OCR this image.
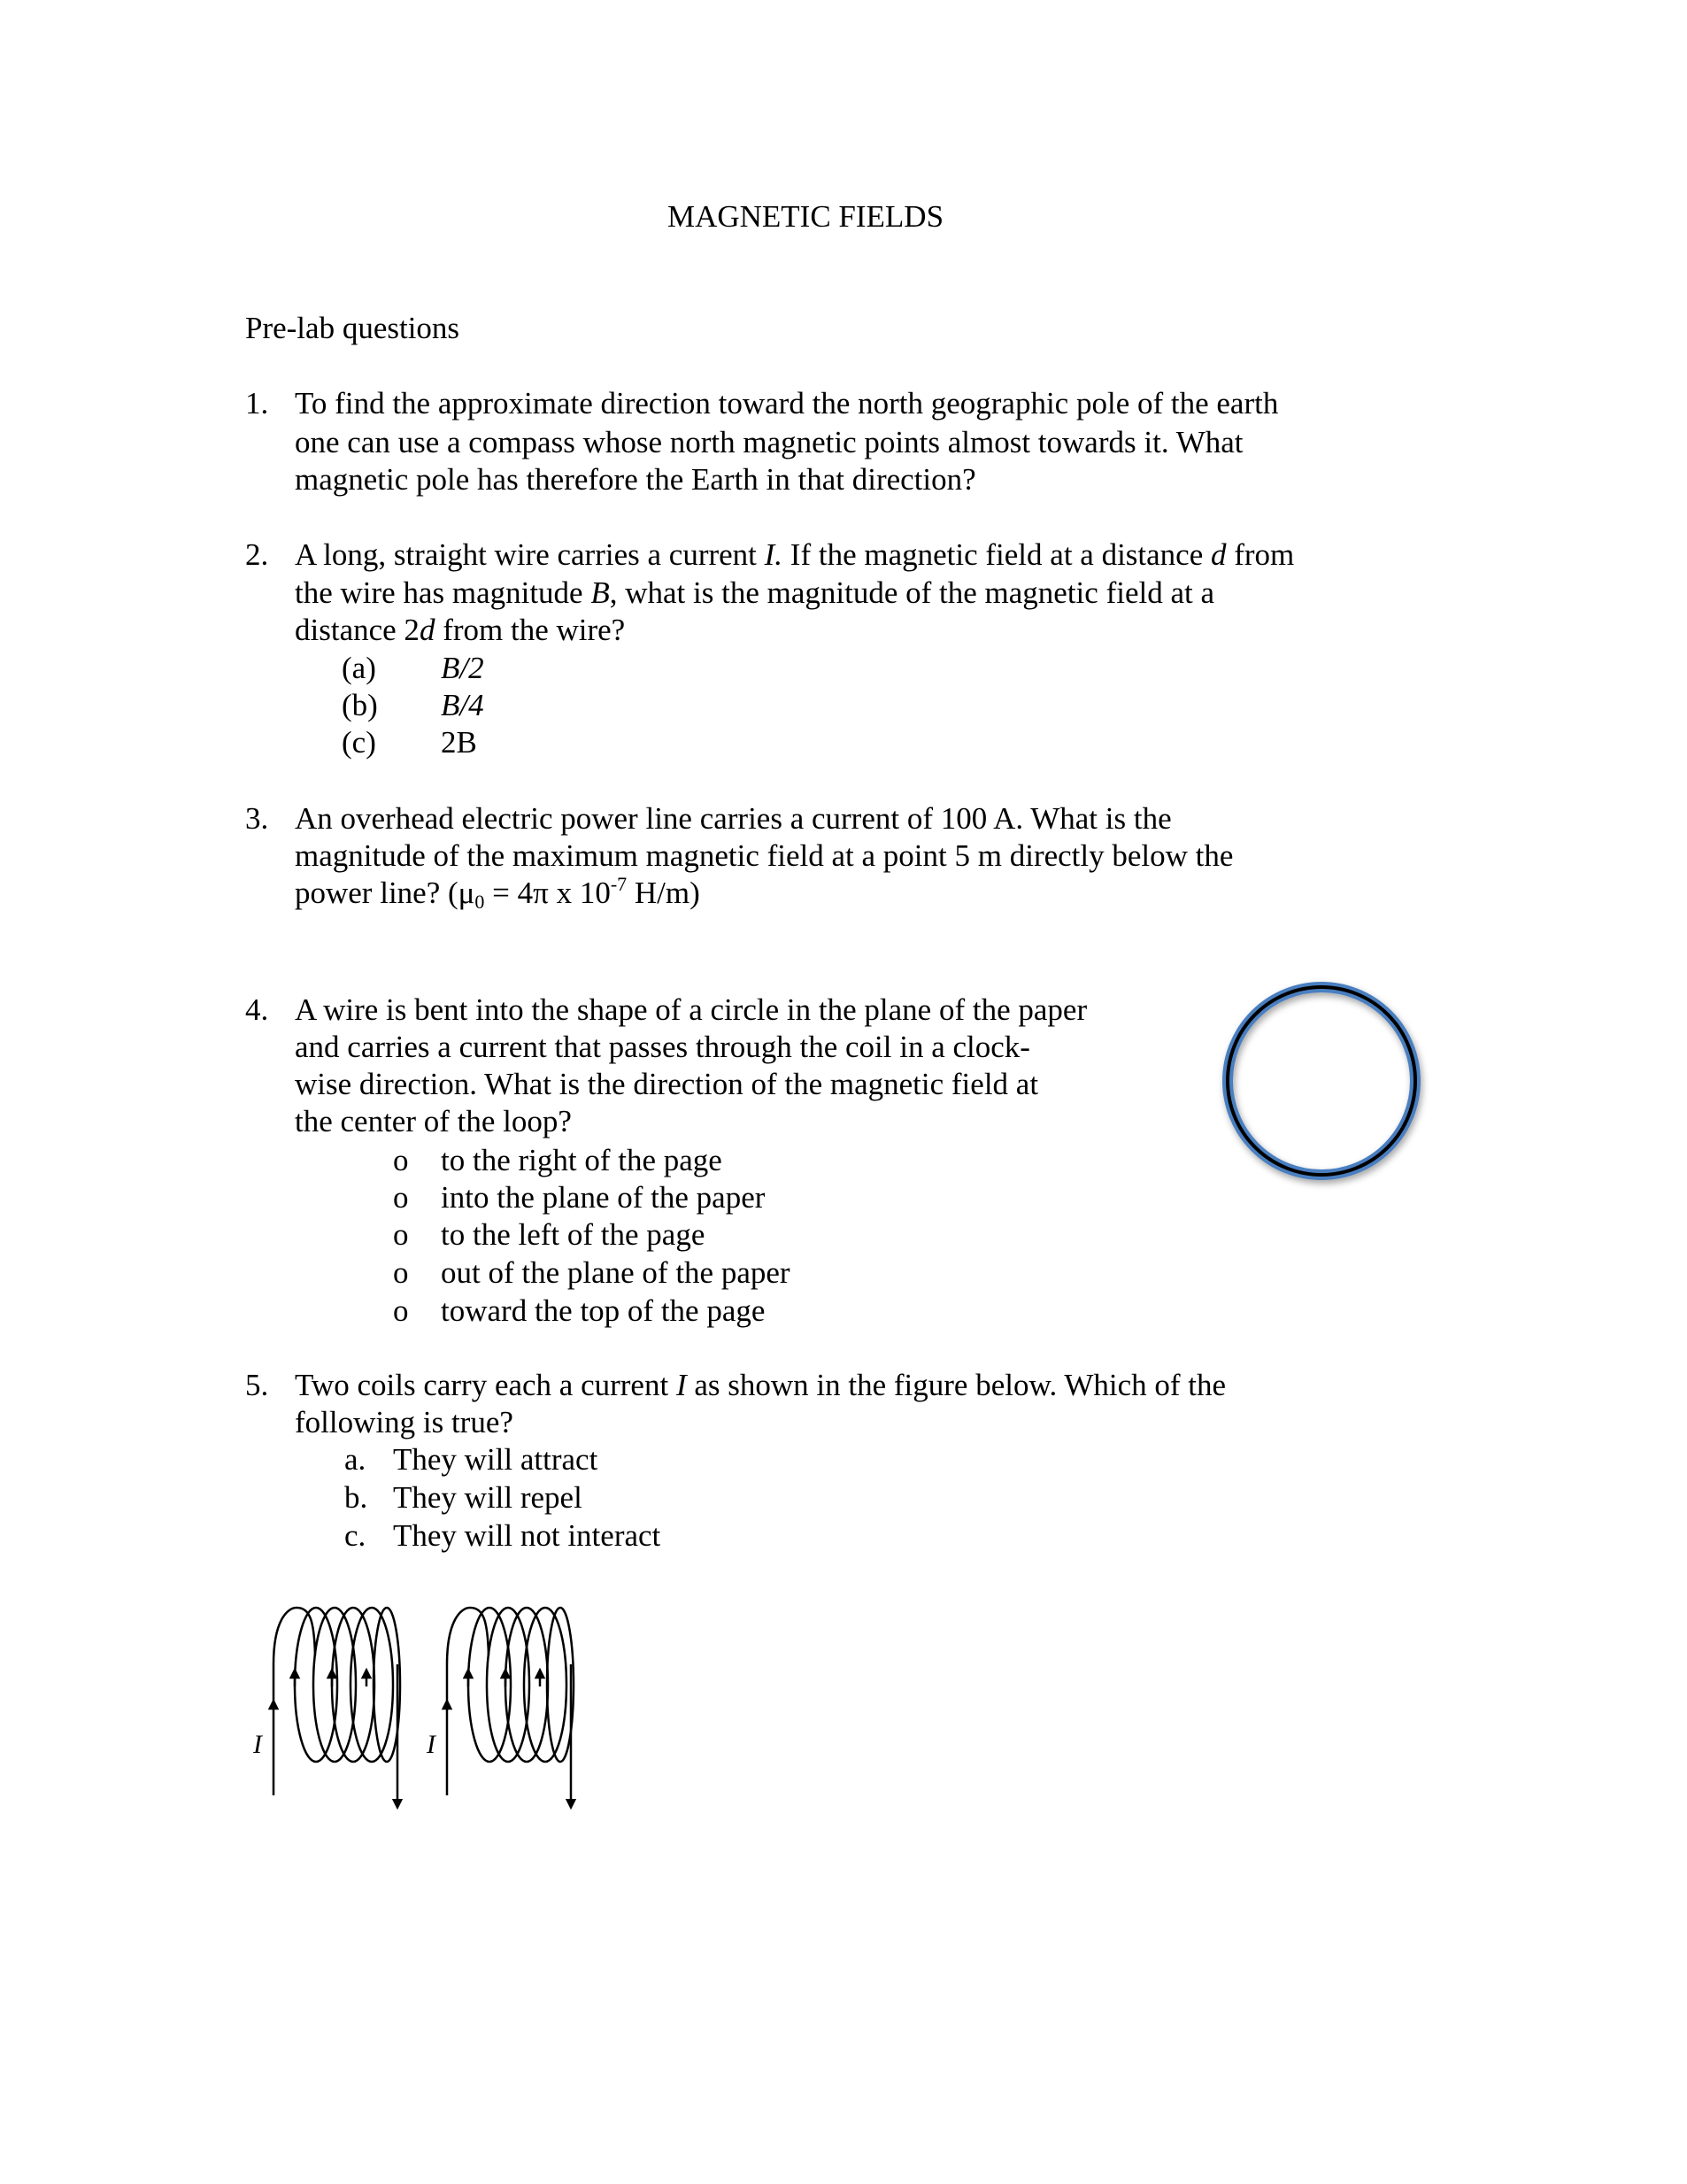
MAGNETIC FIELDS
Pre-lab questions
1. To find the approximate direction toward the north geographic pole of the earth
one can use a compass whose north magnetic points almost towards it. What
magnetic pole has therefore the Earth in that direction?
2. A long, straight wire carries a current I. If the magnetic field at a distance d from
the wire has magnitude B, what is the magnitude of the magnetic field at a
distance 2d from the wire?
(a) B/2
(b) B/4
(c) 2B
3. An overhead electric power line carries a current of 100 A. What is the
magnitude of the maximum magnetic field at a point 5 m directly below the
power line? ($\mu_0 = 4\pi$ x $10^{-7}$ H/m)
4. A wire is bent into the shape of a circle in the plane of the paper
and carries a current that passes through the coil in a clock-
wise direction. What is the direction of the magnetic field at
the center of the loop?
o to the right of the page
o into the plane of the paper
o to the left of the page
o out of the plane of the paper
o toward the top of the page
5. Two coils carry each a current I as shown in the figure below. Which of the
following is true?
a. They will attract
b. They will repel
c. They will not interact
I	I
